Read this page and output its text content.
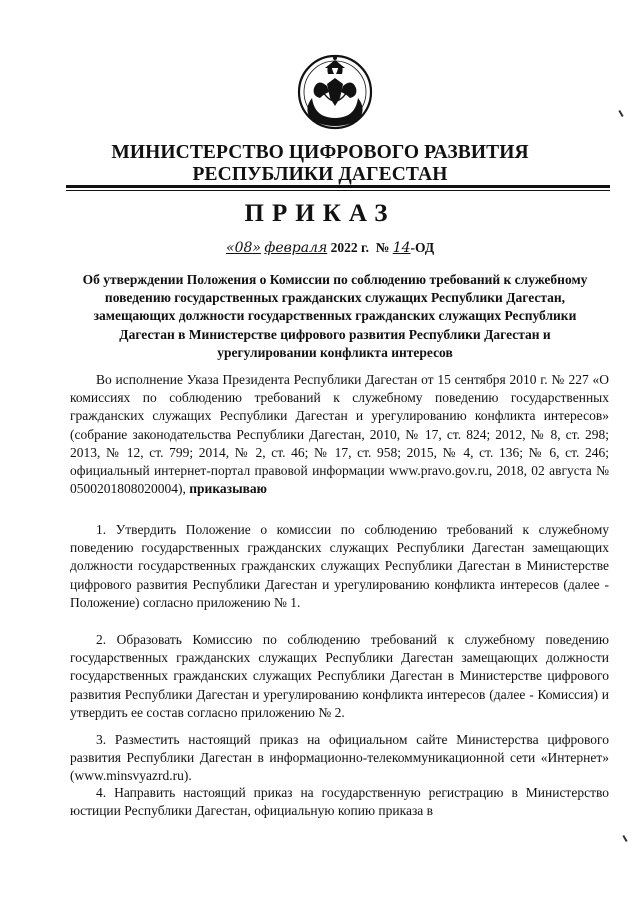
МИНИСТЕРСТВО ЦИФРОВОГО РАЗВИТИЯ
РЕСПУБЛИКИ ДАГЕСТАН
ПРИКАЗ
«08» февраля 2022 г. № 14-ОД
Об утверждении Положения о Комиссии по соблюдению требований к служебному поведению государственных гражданских служащих Республики Дагестан, замещающих должности государственных гражданских служащих Республики Дагестан в Министерстве цифрового развития Республики Дагестан и урегулировании конфликта интересов
Во исполнение Указа Президента Республики Дагестан от 15 сентября 2010 г. № 227 «О комиссиях по соблюдению требований к служебному поведению государственных гражданских служащих Республики Дагестан и урегулированию конфликта интересов» (собрание законодательства Республики Дагестан, 2010, № 17, ст. 824; 2012, № 8, ст. 298; 2013, № 12, ст. 799; 2014, № 2, ст. 46; № 17, ст. 958; 2015, № 4, ст. 136; № 6, ст. 246; официальный интернет-портал правовой информации www.pravo.gov.ru, 2018, 02 августа № 0500201808020004), приказываю
1. Утвердить Положение о комиссии по соблюдению требований к служебному поведению государственных гражданских служащих Республики Дагестан замещающих должности государственных гражданских служащих Республики Дагестан в Министерстве цифрового развития Республики Дагестан и урегулированию конфликта интересов (далее - Положение) согласно приложению № 1.
2. Образовать Комиссию по соблюдению требований к служебному поведению государственных гражданских служащих Республики Дагестан замещающих должности государственных гражданских служащих Республики Дагестан в Министерстве цифрового развития Республики Дагестан и урегулированию конфликта интересов (далее - Комиссия) и утвердить ее состав согласно приложению № 2.
3. Разместить настоящий приказ на официальном сайте Министерства цифрового развития Республики Дагестан в информационно-телекоммуникационной сети «Интернет» (www.minsvyazrd.ru).
4. Направить настоящий приказ на государственную регистрацию в Министерство юстиции Республики Дагестан, официальную копию приказа в
